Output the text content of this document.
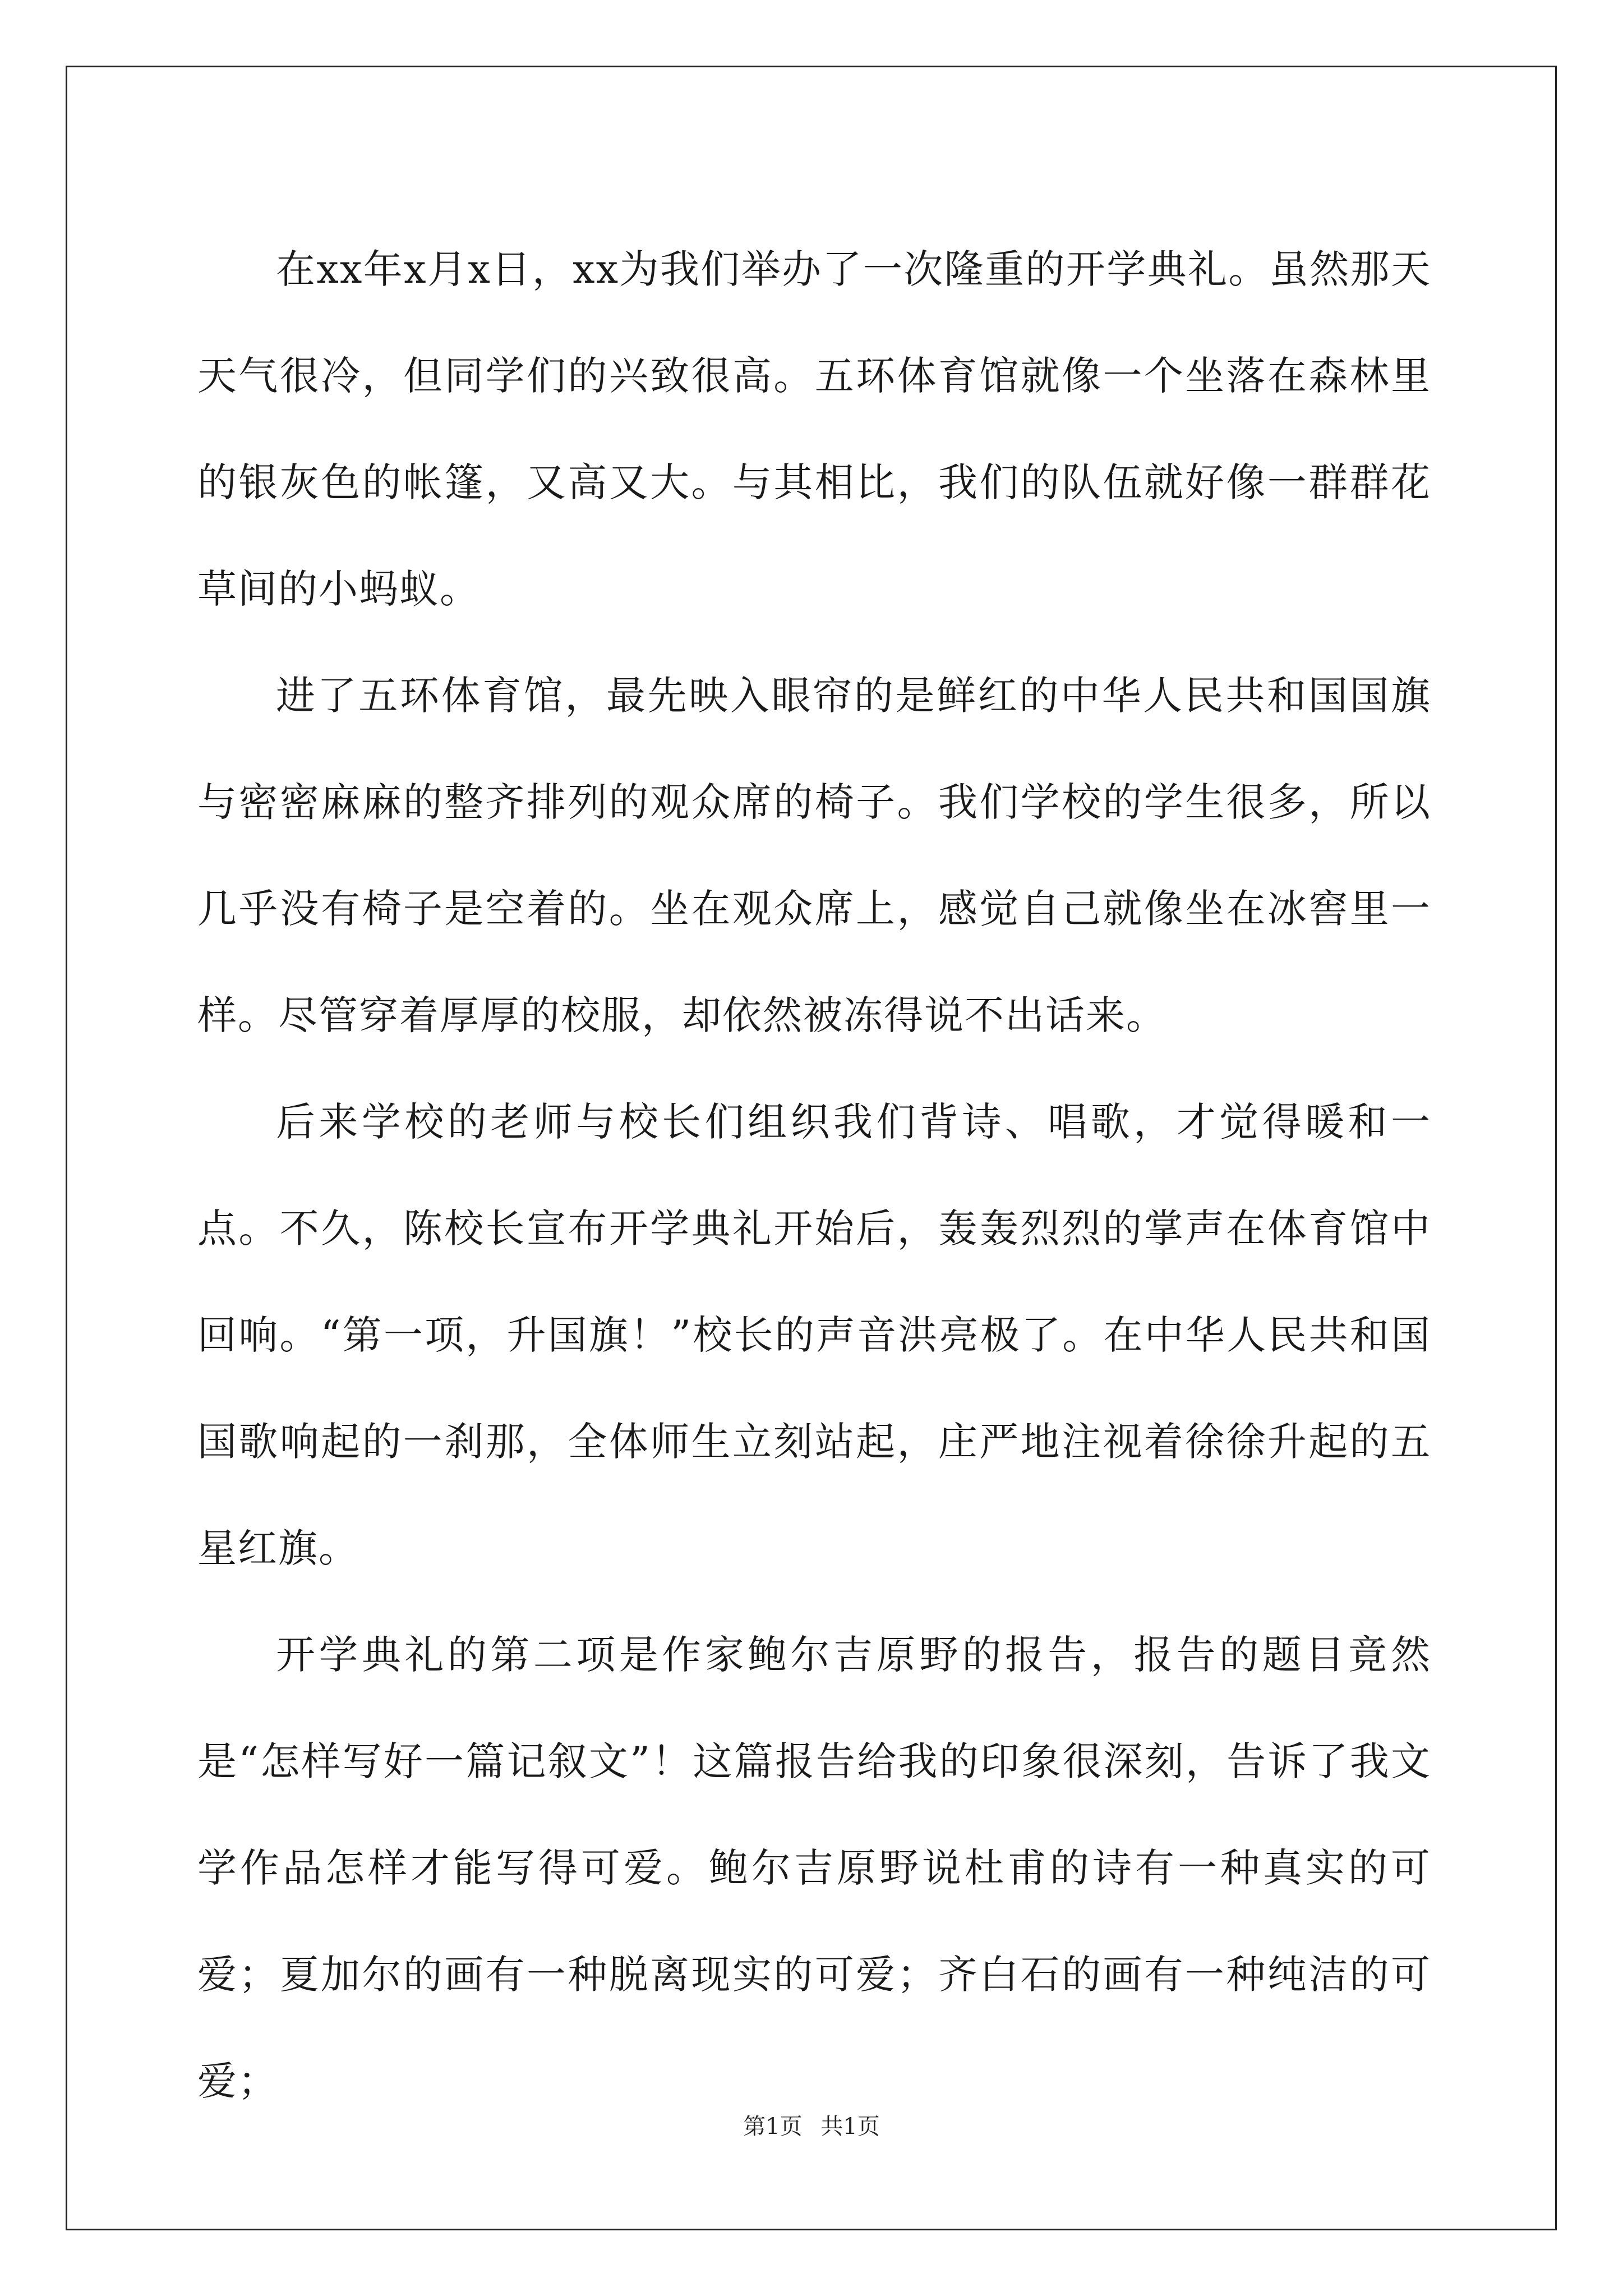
在xx年x月x日，xx为我们举办了一次隆重的开学典礼。虽然那天天气很冷，但同学们的兴致很高。五环体育馆就像一个坐落在森林里的银灰色的帐篷，又高又大。与其相比，我们的队伍就好像一群群花草间的小蚂蚁。

进了五环体育馆，最先映入眼帘的是鲜红的中华人民共和国国旗与密密麻麻的整齐排列的观众席的椅子。我们学校的学生很多，所以几乎没有椅子是空着的。坐在观众席上，感觉自己就像坐在冰窖里一样。尽管穿着厚厚的校服，却依然被冻得说不出话来。

后来学校的老师与校长们组织我们背诗、唱歌，才觉得暖和一点。不久，陈校长宣布开学典礼开始后，轰轰烈烈的掌声在体育馆中回响。“第一项，升国旗！”校长的声音洪亮极了。在中华人民共和国国歌响起的一刹那，全体师生立刻站起，庄严地注视着徐徐升起的五星红旗。

开学典礼的第二项是作家鲍尔吉原野的报告，报告的题目竟然是“怎样写好一篇记叙文”！这篇报告给我的印象很深刻，告诉了我文学作品怎样才能写得可爱。鲍尔吉原野说杜甫的诗有一种真实的可爱；夏加尔的画有一种脱离现实的可爱；齐白石的画有一种纯洁的可爱；

第1页 共1页
